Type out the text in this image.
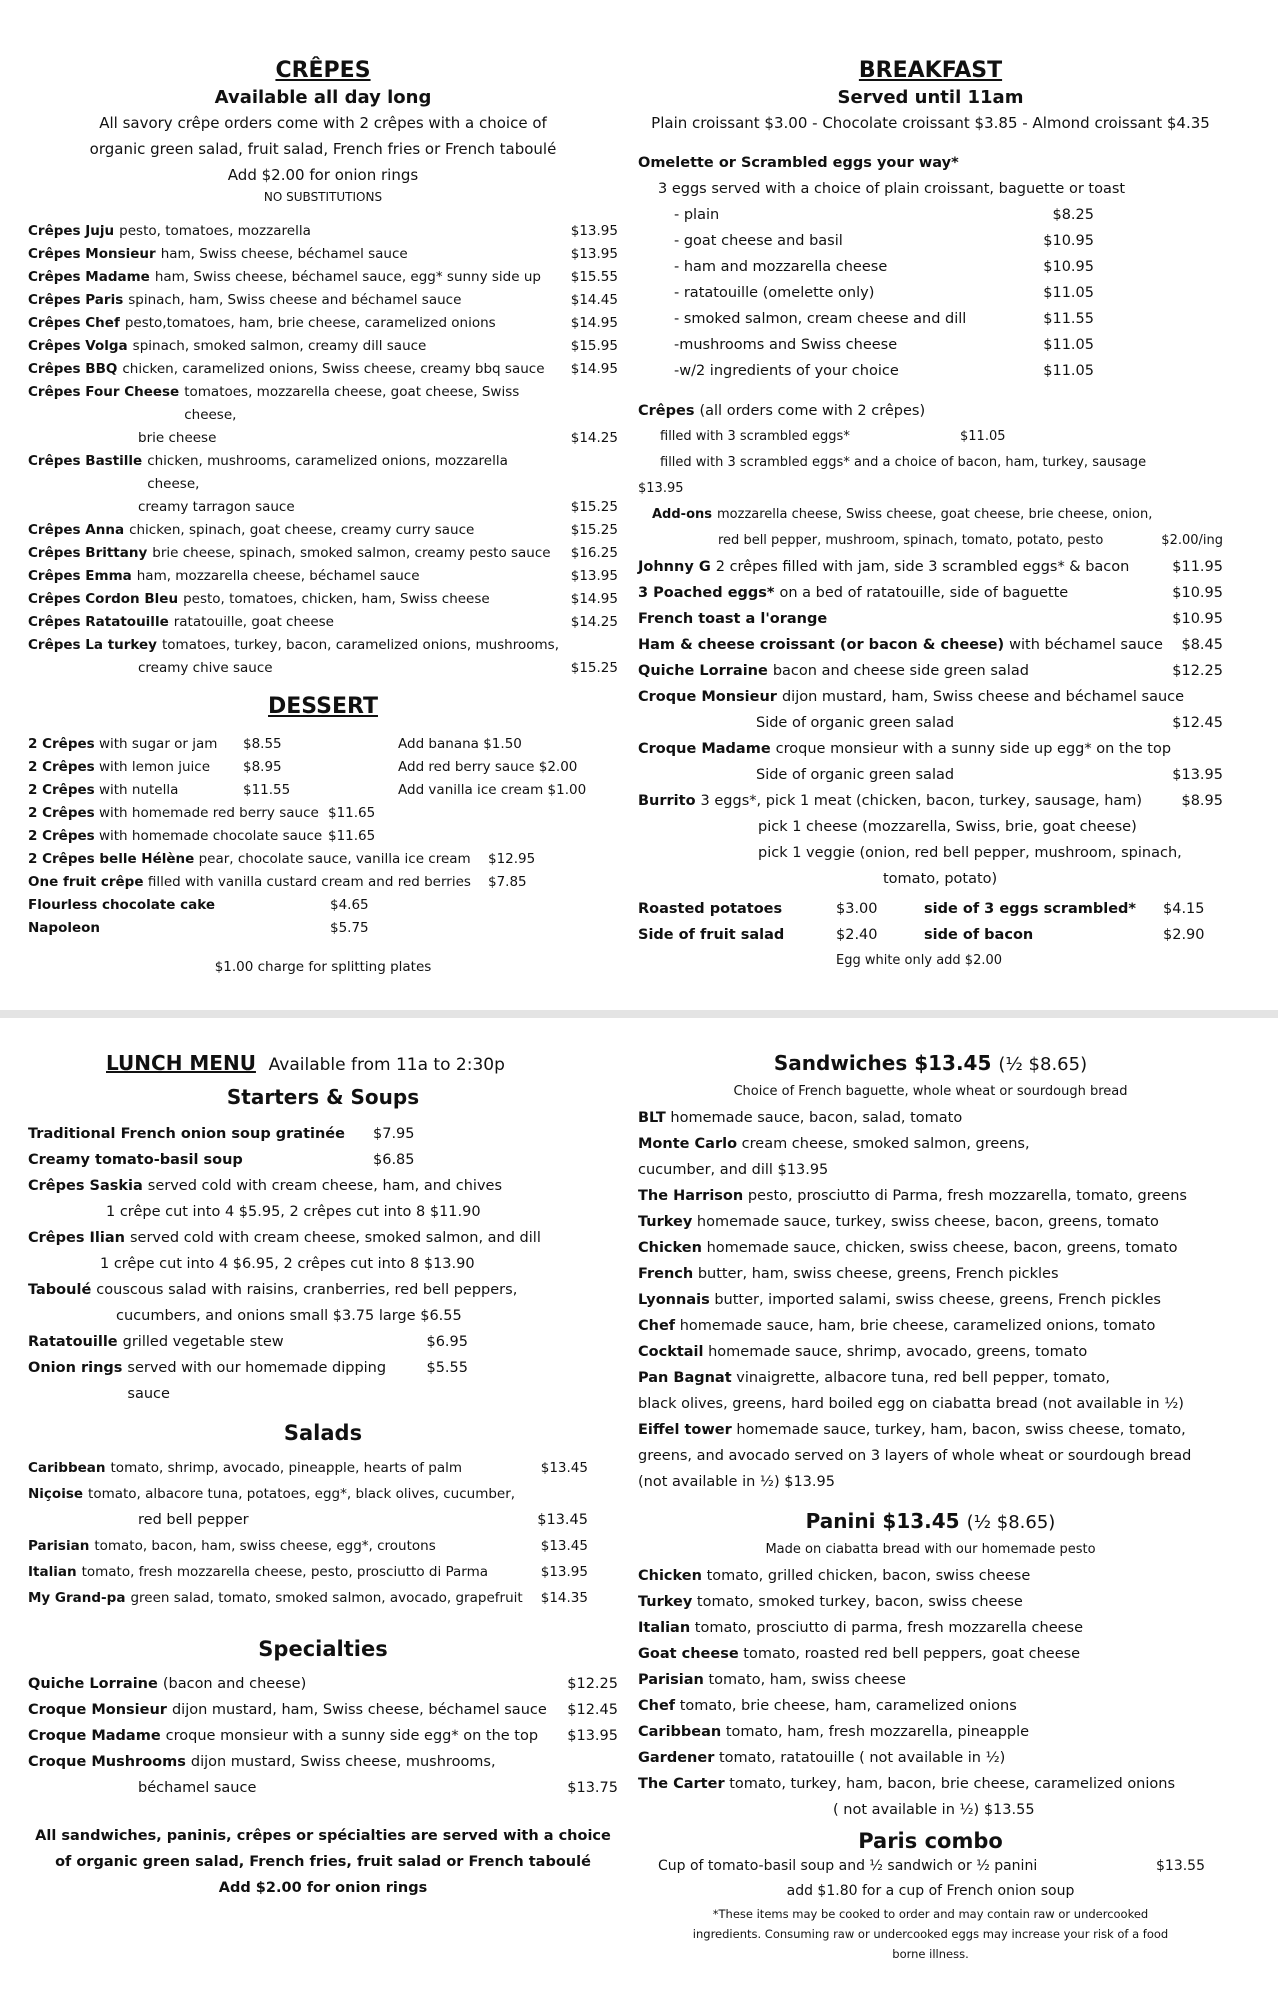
CRÊPES
Available all day long
All savory crêpe orders come with 2 crêpes with a choice of
organic green salad, fruit salad, French fries or French taboulé
Add $2.00 for onion rings
NO SUBSTITUTIONS
Crêpes Juju pesto, tomatoes, mozzarella	$13.95
Crêpes Monsieur ham, Swiss cheese, béchamel sauce	$13.95
Crêpes Madame ham, Swiss cheese, béchamel sauce, egg* sunny side up	$15.55
Crêpes Paris spinach, ham, Swiss cheese and béchamel sauce	$14.45
Crêpes Chef pesto,tomatoes, ham, brie cheese, caramelized onions	$14.95
Crêpes Volga spinach, smoked salmon, creamy dill sauce	$15.95
Crêpes BBQ chicken, caramelized onions, Swiss cheese, creamy bbq sauce	$14.95
Crêpes Four Cheese tomatoes, mozzarella cheese, goat cheese, Swiss cheese,
brie cheese	$14.25
Crêpes Bastille chicken, mushrooms, caramelized onions, mozzarella cheese,
creamy tarragon sauce	$15.25
Crêpes Anna chicken, spinach, goat cheese, creamy curry sauce	$15.25
Crêpes Brittany brie cheese, spinach, smoked salmon, creamy pesto sauce	$16.25
Crêpes Emma ham, mozzarella cheese, béchamel sauce	$13.95
Crêpes Cordon Bleu pesto, tomatoes, chicken, ham, Swiss cheese	$14.95
Crêpes Ratatouille ratatouille, goat cheese	$14.25
Crêpes La turkey tomatoes, turkey, bacon, caramelized onions, mushrooms,
creamy chive sauce	$15.25
DESSERT
2 Crêpes with sugar or jam	$8.55	Add banana $1.50
2 Crêpes with lemon juice	$8.95	Add red berry sauce $2.00
2 Crêpes with nutella	$11.55	Add vanilla ice cream $1.00
2 Crêpes with homemade red berry sauce $11.65
2 Crêpes with homemade chocolate sauce $11.65
2 Crêpes belle Hélène pear, chocolate sauce, vanilla ice cream	$12.95
One fruit crêpe filled with vanilla custard cream and red berries	$7.85
Flourless chocolate cake	$4.65
Napoleon	$5.75
$1.00 charge for splitting plates
BREAKFAST
Served until 11am
Plain croissant $3.00 - Chocolate croissant $3.85 - Almond croissant $4.35
Omelette or Scrambled eggs your way*
3 eggs served with a choice of plain croissant, baguette or toast
- plain	$8.25
- goat cheese and basil	$10.95
- ham and mozzarella cheese	$10.95
- ratatouille (omelette only)	$11.05
- smoked salmon, cream cheese and dill	$11.55
-mushrooms and Swiss cheese	$11.05
-w/2 ingredients of your choice	$11.05
Crêpes (all orders come with 2 crêpes)
filled with 3 scrambled eggs*	$11.05
filled with 3 scrambled eggs* and a choice of bacon, ham, turkey, sausage
$13.95
Add-ons mozzarella cheese, Swiss cheese, goat cheese, brie cheese, onion,
red bell pepper, mushroom, spinach, tomato, potato, pesto	$2.00/ing
Johnny G 2 crêpes filled with jam, side 3 scrambled eggs* & bacon	$11.95
3 Poached eggs* on a bed of ratatouille, side of baguette	$10.95
French toast a l'orange	$10.95
Ham & cheese croissant (or bacon & cheese) with béchamel sauce	$8.45
Quiche Lorraine bacon and cheese side green salad	$12.25
Croque Monsieur dijon mustard, ham, Swiss cheese and béchamel sauce
Side of organic green salad	$12.45
Croque Madame croque monsieur with a sunny side up egg* on the top
Side of organic green salad	$13.95
Burrito 3 eggs*, pick 1 meat (chicken, bacon, turkey, sausage, ham)	$8.95
pick 1 cheese (mozzarella, Swiss, brie, goat cheese)
pick 1 veggie (onion, red bell pepper, mushroom, spinach,
tomato, potato)
Roasted potatoes	$3.00	side of 3 eggs scrambled*	$4.15
Side of fruit salad	$2.40	side of bacon	$2.90
Egg white only add $2.00
LUNCH MENU Available from 11a to 2:30p
Starters & Soups
Traditional French onion soup gratinée	$7.95
Creamy tomato-basil soup	$6.85
Crêpes Saskia served cold with cream cheese, ham, and chives
1 crêpe cut into 4 $5.95, 2 crêpes cut into 8 $11.90
Crêpes Ilian served cold with cream cheese, smoked salmon, and dill
1 crêpe cut into 4 $6.95, 2 crêpes cut into 8 $13.90
Taboulé couscous salad with raisins, cranberries, red bell peppers,
cucumbers, and onions small $3.75 large $6.55
Ratatouille grilled vegetable stew	$6.95
Onion rings served with our homemade dipping sauce
$5.55
Salads
Caribbean tomato, shrimp, avocado, pineapple, hearts of palm	$13.45
Niçoise tomato, albacore tuna, potatoes, egg*, black olives, cucumber,
red bell pepper	$13.45
Parisian tomato, bacon, ham, swiss cheese, egg*, croutons	$13.45
Italian tomato, fresh mozzarella cheese, pesto, prosciutto di Parma	$13.95
My Grand-pa green salad, tomato, smoked salmon, avocado, grapefruit	$14.35
Specialties
Quiche Lorraine (bacon and cheese)	$12.25
Croque Monsieur dijon mustard, ham, Swiss cheese, béchamel sauce	$12.45
Croque Madame croque monsieur with a sunny side egg* on the top	$13.95
Croque Mushrooms dijon mustard, Swiss cheese, mushrooms,
béchamel sauce	$13.75
All sandwiches, paninis, crêpes or spécialties are served with a choice
of organic green salad, French fries, fruit salad or French taboulé
Add $2.00 for onion rings
Sandwiches $13.45 (½ $8.65)
Choice of French baguette, whole wheat or sourdough bread
BLT homemade sauce, bacon, salad, tomato
Monte Carlo cream cheese, smoked salmon, greens,
cucumber, and dill $13.95
The Harrison pesto, prosciutto di Parma, fresh mozzarella, tomato, greens
Turkey homemade sauce, turkey, swiss cheese, bacon, greens, tomato
Chicken homemade sauce, chicken, swiss cheese, bacon, greens, tomato
French butter, ham, swiss cheese, greens, French pickles
Lyonnais butter, imported salami, swiss cheese, greens, French pickles
Chef homemade sauce, ham, brie cheese, caramelized onions, tomato
Cocktail homemade sauce, shrimp, avocado, greens, tomato
Pan Bagnat vinaigrette, albacore tuna, red bell pepper, tomato,
black olives, greens, hard boiled egg on ciabatta bread (not available in ½)
Eiffel tower homemade sauce, turkey, ham, bacon, swiss cheese, tomato,
greens, and avocado served on 3 layers of whole wheat or sourdough bread
(not available in ½) $13.95
Panini $13.45 (½ $8.65)
Made on ciabatta bread with our homemade pesto
Chicken tomato, grilled chicken, bacon, swiss cheese
Turkey tomato, smoked turkey, bacon, swiss cheese
Italian tomato, prosciutto di parma, fresh mozzarella cheese
Goat cheese tomato, roasted red bell peppers, goat cheese
Parisian tomato, ham, swiss cheese
Chef tomato, brie cheese, ham, caramelized onions
Caribbean tomato, ham, fresh mozzarella, pineapple
Gardener tomato, ratatouille ( not available in ½)
The Carter tomato, turkey, ham, bacon, brie cheese, caramelized onions
( not available in ½) $13.55
Paris combo
Cup of tomato-basil soup and ½ sandwich or ½ panini	$13.55
add $1.80 for a cup of French onion soup
*These items may be cooked to order and may contain raw or undercooked
ingredients. Consuming raw or undercooked eggs may increase your risk of a food
borne illness.
